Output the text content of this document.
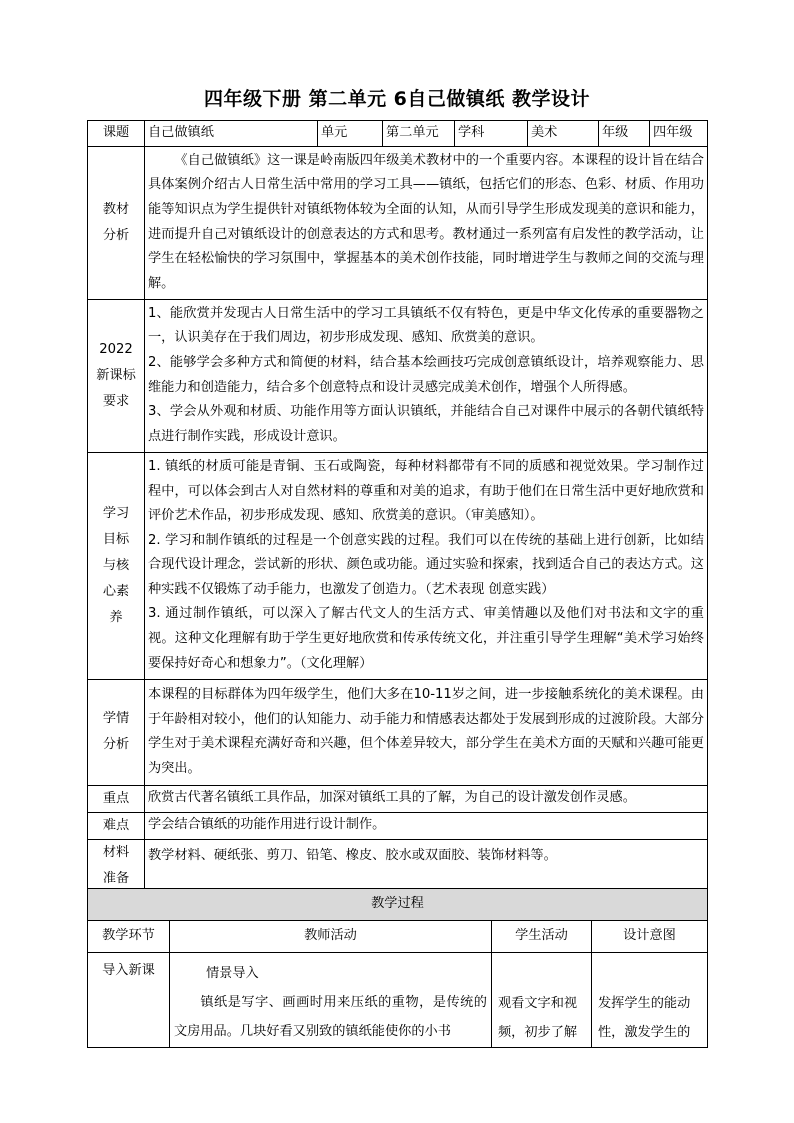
四年级下册 第二单元 6自己做镇纸 教学设计
课题	自己做镇纸	单元	第二单元	学科	美术	年级	四年级
教材分析	《自己做镇纸》这一课是岭南版四年级美术教材中的一个重要内容。本课程的设计旨在结合具体案例介绍古人日常生活中常用的学习工具——镇纸，包括它们的形态、色彩、材质、作用功能等知识点为学生提供针对镇纸物体较为全面的认知，从而引导学生形成发现美的意识和能力，进而提升自己对镇纸设计的创意表达的方式和思考。教材通过一系列富有启发性的教学活动，让学生在轻松愉快的学习氛围中，掌握基本的美术创作技能，同时增进学生与教师之间的交流与理解。						

2022新课标要求	1、能欣赏并发现古人日常生活中的学习工具镇纸不仅有特色，更是中华文化传承的重要器物之一，认识美存在于我们周边，初步形成发现、感知、欣赏美的意识。

2、能够学会多种方式和简便的材料，结合基本绘画技巧完成创意镇纸设计，培养观察能力、思维能力和创造能力，结合多个创意特点和设计灵感完成美术创作，增强个人所得感。

3、学会从外观和材质、功能作用等方面认识镇纸，并能结合自己对课件中展示的各朝代镇纸特点进行制作实践，形成设计意识。						

学习目标与核心素养	1. 镇纸的材质可能是青铜、玉石或陶瓷，每种材料都带有不同的质感和视觉效果。学习制作过程中，可以体会到古人对自然材料的尊重和对美的追求，有助于他们在日常生活中更好地欣赏和评价艺术作品，初步形成发现、感知、欣赏美的意识。（审美感知）。

2. 学习和制作镇纸的过程是一个创意实践的过程。我们可以在传统的基础上进行创新，比如结合现代设计理念，尝试新的形状、颜色或功能。通过实验和探索，找到适合自己的表达方式。这种实践不仅锻炼了动手能力，也激发了创造力。（艺术表现 创意实践）

3. 通过制作镇纸，可以深入了解古代文人的生活方式、审美情趣以及他们对书法和文字的重视。这种文化理解有助于学生更好地欣赏和传承传统文化，并注重引导学生理解“美术学习始终要保持好奇心和想象力”。（文化理解）						

学情分析	本课程的目标群体为四年级学生，他们大多在10-11岁之间，进一步接触系统化的美术课程。由于年龄相对较小，他们的认知能力、动手能力和情感表达都处于发展到形成的过渡阶段。大部分学生对于美术课程充满好奇和兴趣，但个体差异较大，部分学生在美术方面的天赋和兴趣可能更为突出。						

重点	欣赏古代著名镇纸工具作品，加深对镇纸工具的了解，为自己的设计激发创作灵感。						
难点	学会结合镇纸的功能作用进行设计制作。						
材料准备	教学材料、硬纸张、剪刀、铅笔、橡皮、胶水或双面胶、装饰材料等。						
教学过程			
教学环节	教师活动	学生活动	设计意图
导入新课	情景导入
镇纸是写字、画画时用来压纸的重物，是传统的文房用品。几块好看又别致的镇纸能使你的小书	观看文字和视频，初步了解	发挥学生的能动性，激发学生的
